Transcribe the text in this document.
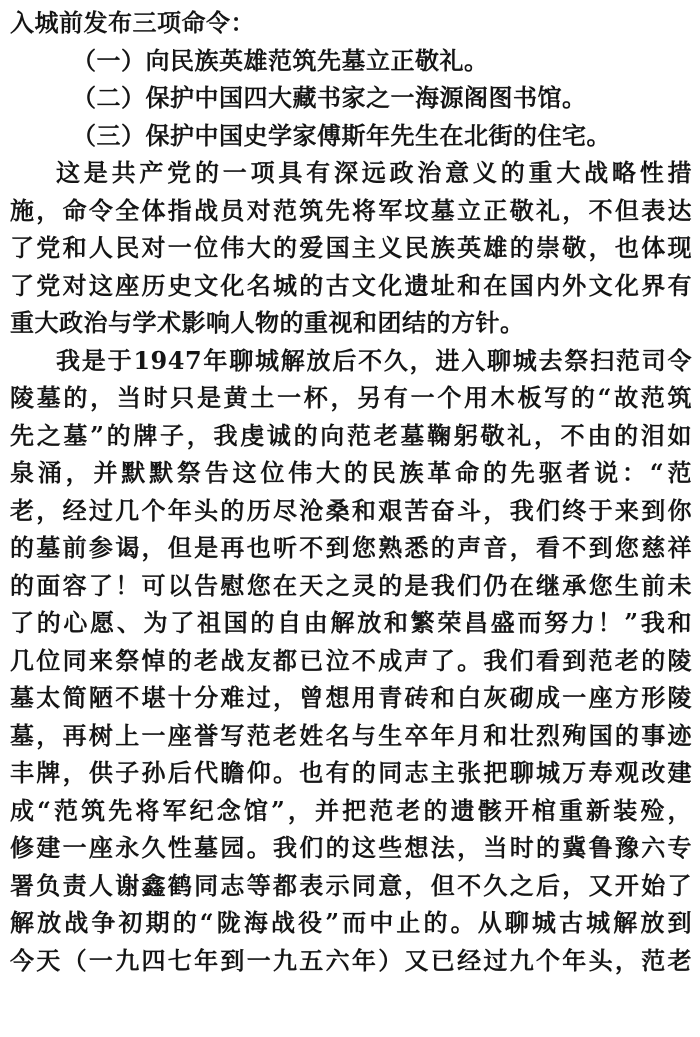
入城前发布三项命令：
（一）向民族英雄范筑先墓立正敬礼。
（二）保护中国四大藏书家之一海源阁图书馆。
（三）保护中国史学家傅斯年先生在北街的住宅。
这是共产党的一项具有深远政治意义的重大战略性措
施，命令全体指战员对范筑先将军坟墓立正敬礼，不但表达
了党和人民对一位伟大的爱国主义民族英雄的崇敬，也体现
了党对这座历史文化名城的古文化遗址和在国内外文化界有
重大政治与学术影响人物的重视和团结的方针。
我是于1947年聊城解放后不久，进入聊城去祭扫范司令
陵墓的，当时只是黄土一杯，另有一个用木板写的“故范筑
先之墓”的牌子，我虔诚的向范老墓鞠躬敬礼，不由的泪如
泉涌，并默默祭告这位伟大的民族革命的先驱者说：“范
老，经过几个年头的历尽沧桑和艰苦奋斗，我们终于来到你
的墓前参谒，但是再也听不到您熟悉的声音，看不到您慈祥
的面容了！可以告慰您在天之灵的是我们仍在继承您生前未
了的心愿、为了祖国的自由解放和繁荣昌盛而努力！”我和
几位同来祭悼的老战友都已泣不成声了。我们看到范老的陵
墓太简陋不堪十分难过，曾想用青砖和白灰砌成一座方形陵
墓，再树上一座誉写范老姓名与生卒年月和壮烈殉国的事迹
丰牌，供子孙后代瞻仰。也有的同志主张把聊城万寿观改建
成“范筑先将军纪念馆”，并把范老的遗骸开棺重新装殓，
修建一座永久性墓园。我们的这些想法，当时的冀鲁豫六专
署负责人谢鑫鹤同志等都表示同意，但不久之后，又开始了
解放战争初期的“陇海战役”而中止的。从聊城古城解放到
今天（一九四七年到一九五六年）又已经过九个年头，范老
